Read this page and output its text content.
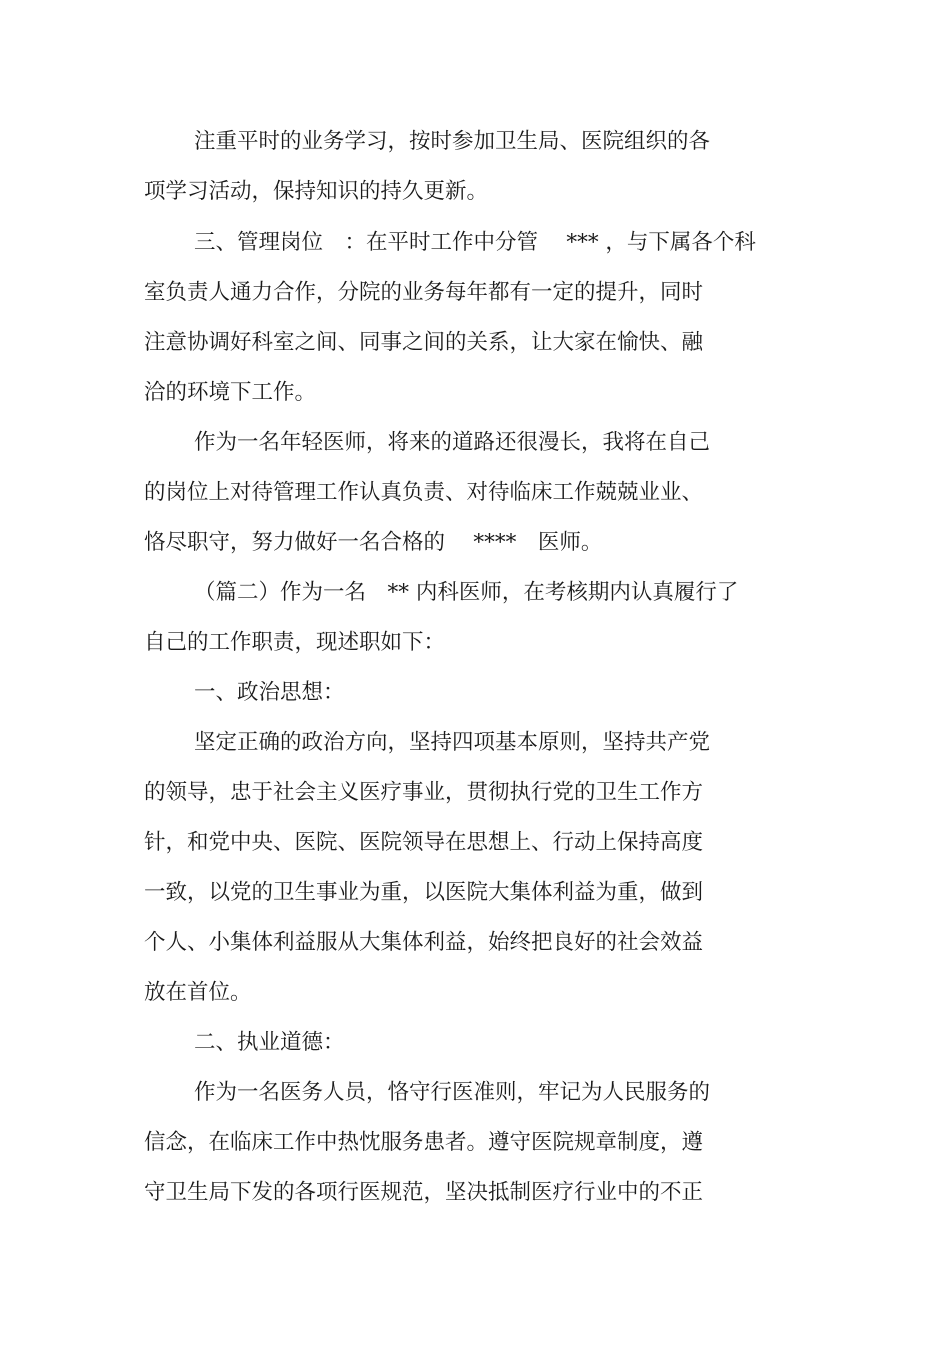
注重平时的业务学习，按时参加卫生局、医院组织的各

项学习活动，保持知识的持久更新。

三、管理岗位　：在平时工作中分管　 *** ，与下属各个科

室负责人通力合作，分院的业务每年都有一定的提升，同时

注意协调好科室之间、同事之间的关系，让大家在愉快、融

洽的环境下工作。

作为一名年轻医师，将来的道路还很漫长，我将在自己

的岗位上对待管理工作认真负责、对待临床工作兢兢业业、

恪尽职守，努力做好一名合格的　 ****　医师。

（篇二）作为一名　** 内科医师，在考核期内认真履行了

自己的工作职责，现述职如下：

一、政治思想：

坚定正确的政治方向，坚持四项基本原则，坚持共产党

的领导，忠于社会主义医疗事业，贯彻执行党的卫生工作方

针，和党中央、医院、医院领导在思想上、行动上保持高度

一致，以党的卫生事业为重，以医院大集体利益为重，做到

个人、小集体利益服从大集体利益，始终把良好的社会效益

放在首位。

二、执业道德：

作为一名医务人员，恪守行医准则，牢记为人民服务的

信念，在临床工作中热忱服务患者。遵守医院规章制度，遵

守卫生局下发的各项行医规范，坚决抵制医疗行业中的不正
